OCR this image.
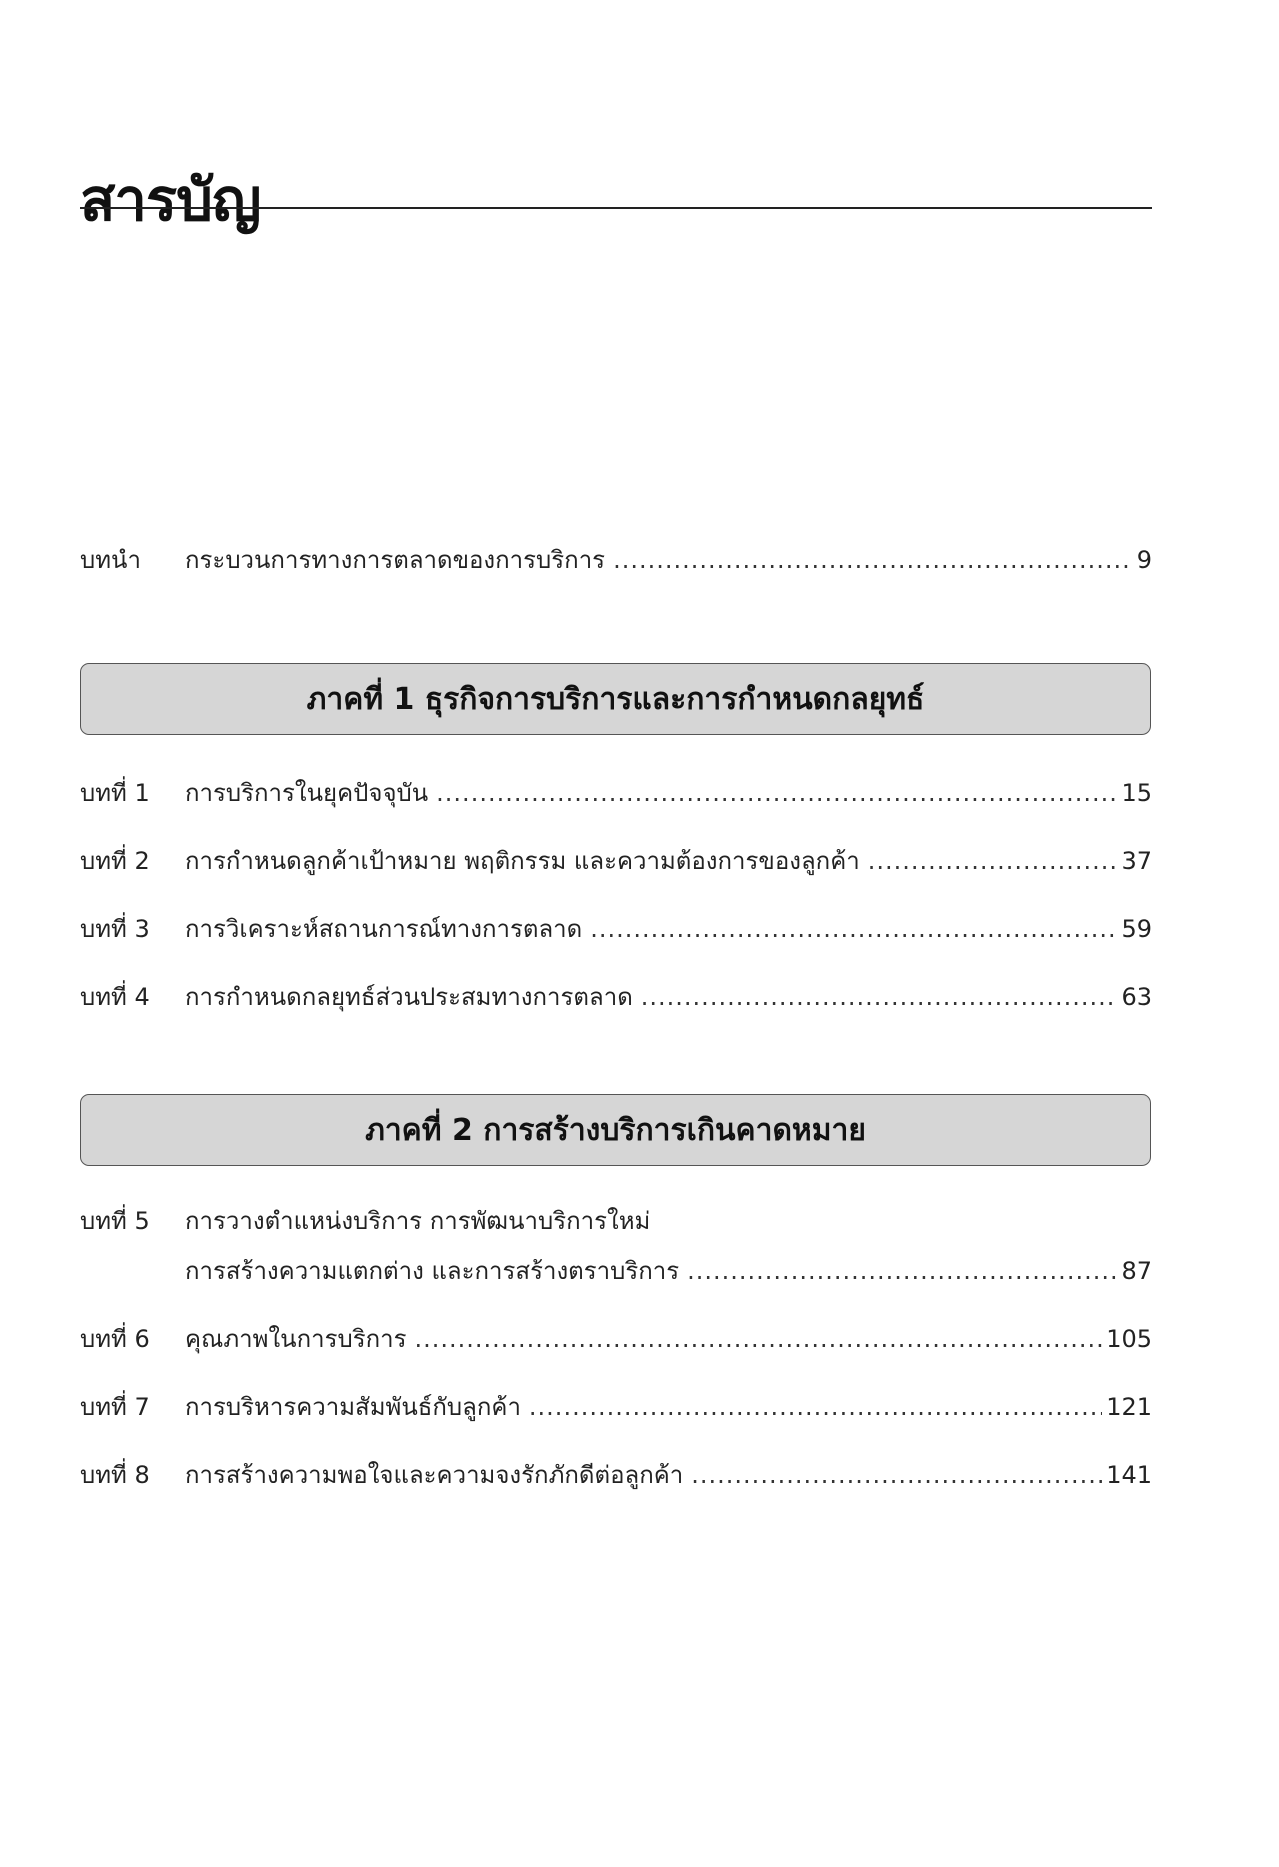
สารบัญ
บทนำ	กระบวนการทางการตลาดของการบริการ .....	9
ภาคที่ 1 ธุรกิจการบริการและการกำหนดกลยุทธ์
บทที่ 1	การบริการในยุคปัจจุบัน .....	15
บทที่ 2	การกำหนดลูกค้าเป้าหมาย พฤติกรรม และความต้องการของลูกค้า .....	37
บทที่ 3	การวิเคราะห์สถานการณ์ทางการตลาด .....	59
บทที่ 4	การกำหนดกลยุทธ์ส่วนประสมทางการตลาด .....	63
ภาคที่ 2 การสร้างบริการเกินคาดหมาย
บทที่ 5	การวางตำแหน่งบริการ การพัฒนาบริการใหม่
การสร้างความแตกต่าง และการสร้างตราบริการ .....	87
บทที่ 6	คุณภาพในการบริการ .....	105
บทที่ 7	การบริหารความสัมพันธ์กับลูกค้า .....	121
บทที่ 8	การสร้างความพอใจและความจงรักภักดีต่อลูกค้า .....	141
